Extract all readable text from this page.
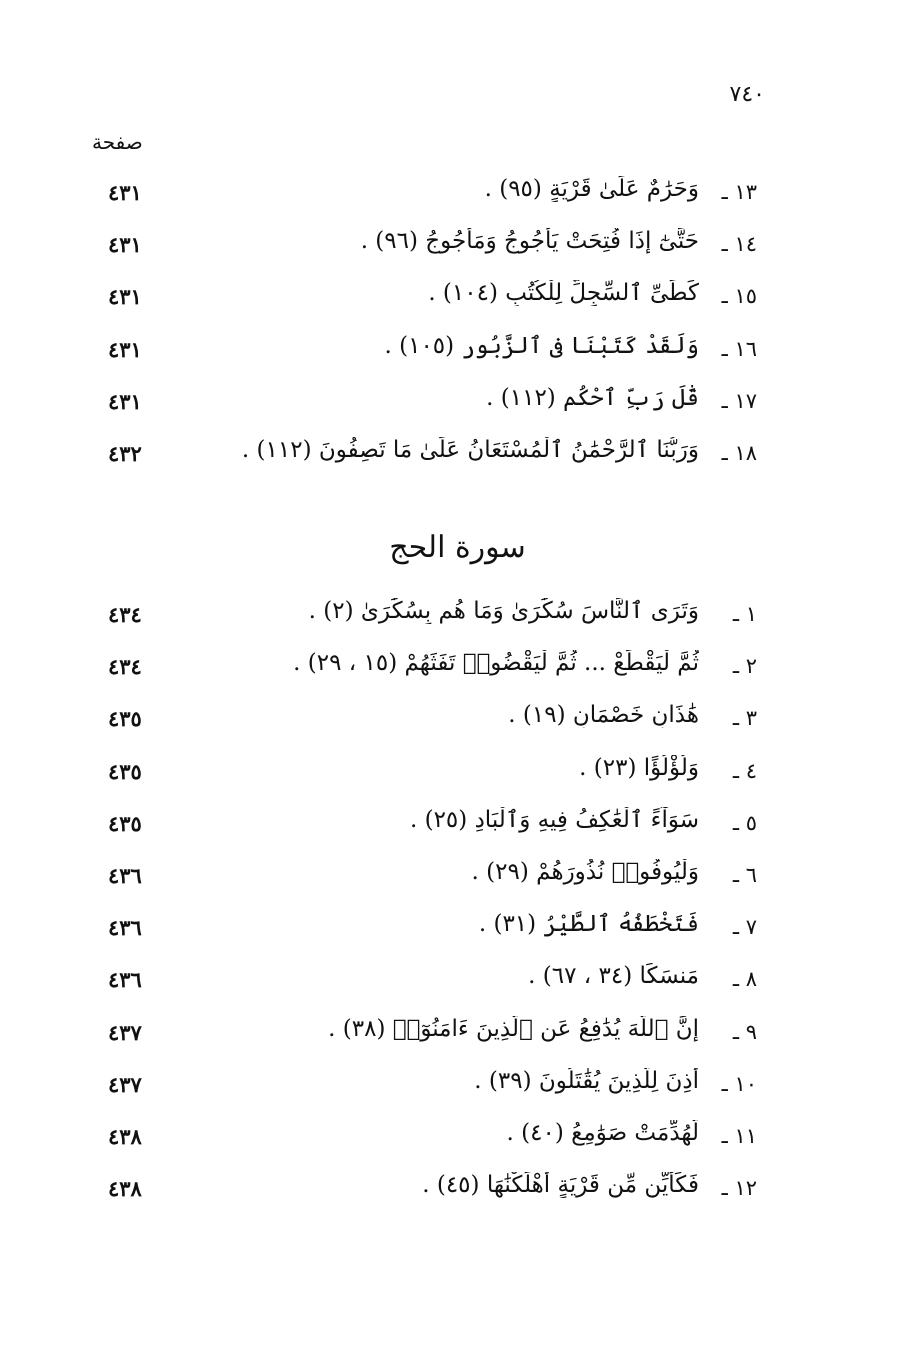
٧٤٠
صفحة
١٣ ـ
وَحَرَٰمٌ عَلَىٰ قَرْيَةٍ (٩٥) .
٤٣١
١٤ ـ
حَتَّىٰٓ إِذَا فُتِحَتْ يَأْجُوجُ وَمَأْجُوجُ (٩٦) .
٤٣١
١٥ ـ
كَطَىِّ ٱلسِّجِلِّ لِلْكُتُبِ (١٠٤) .
٤٣١
١٦ ـ
وَلَقَدْ كَتَبْنَا فِى ٱلزَّبُورِ (١٠٥) .
٤٣١
١٧ ـ
قَٰلَ رَبِّ ٱحْكُم (١١٢) .
٤٣١
١٨ ـ
وَرَبُّنَا ٱلرَّحْمَٰنُ ٱلْمُسْتَعَانُ عَلَىٰ مَا تَصِفُونَ (١١٢) .
٤٣٢
سورة الحج
١ ـ
وَتَرَى ٱلنَّاسَ سُكَٰرَىٰ وَمَا هُم بِسُكَٰرَىٰ (٢) .
٤٣٤
٢ ـ
ثُمَّ لْيَقْطَعْ ... ثُمَّ لْيَقْضُوا۟ تَفَثَهُمْ (١٥ ، ٢٩) .
٤٣٤
٣ ـ
هَٰذَانِ خَصْمَانِ (١٩) .
٤٣٥
٤ ـ
وَلُؤْلُؤًا (٢٣) .
٤٣٥
٥ ـ
سَوَآءً ٱلْعَٰكِفُ فِيهِ وَٱلْبَادِ (٢٥) .
٤٣٥
٦ ـ
وَلْيُوفُوا۟ نُذُورَهُمْ (٢٩) .
٤٣٦
٧ ـ
فَتَخْطَفُهُ ٱلطَّيْرُ (٣١) .
٤٣٦
٨ ـ
مَنسَكًا (٣٤ ، ٦٧) .
٤٣٦
٩ ـ
إِنَّ ٱللَّهَ يُدَٰفِعُ عَنِ ٱلَّذِينَ ءَامَنُوٓا۟ (٣٨) .
٤٣٧
١٠ ـ
أُذِنَ لِلَّذِينَ يُقَٰتَلُونَ (٣٩) .
٤٣٧
١١ ـ
لَّهُدِّمَتْ صَوَٰمِعُ (٤٠) .
٤٣٨
١٢ ـ
فَكَأَيِّن مِّن قَرْيَةٍ أَهْلَكْنَٰهَا (٤٥) .
٤٣٨
